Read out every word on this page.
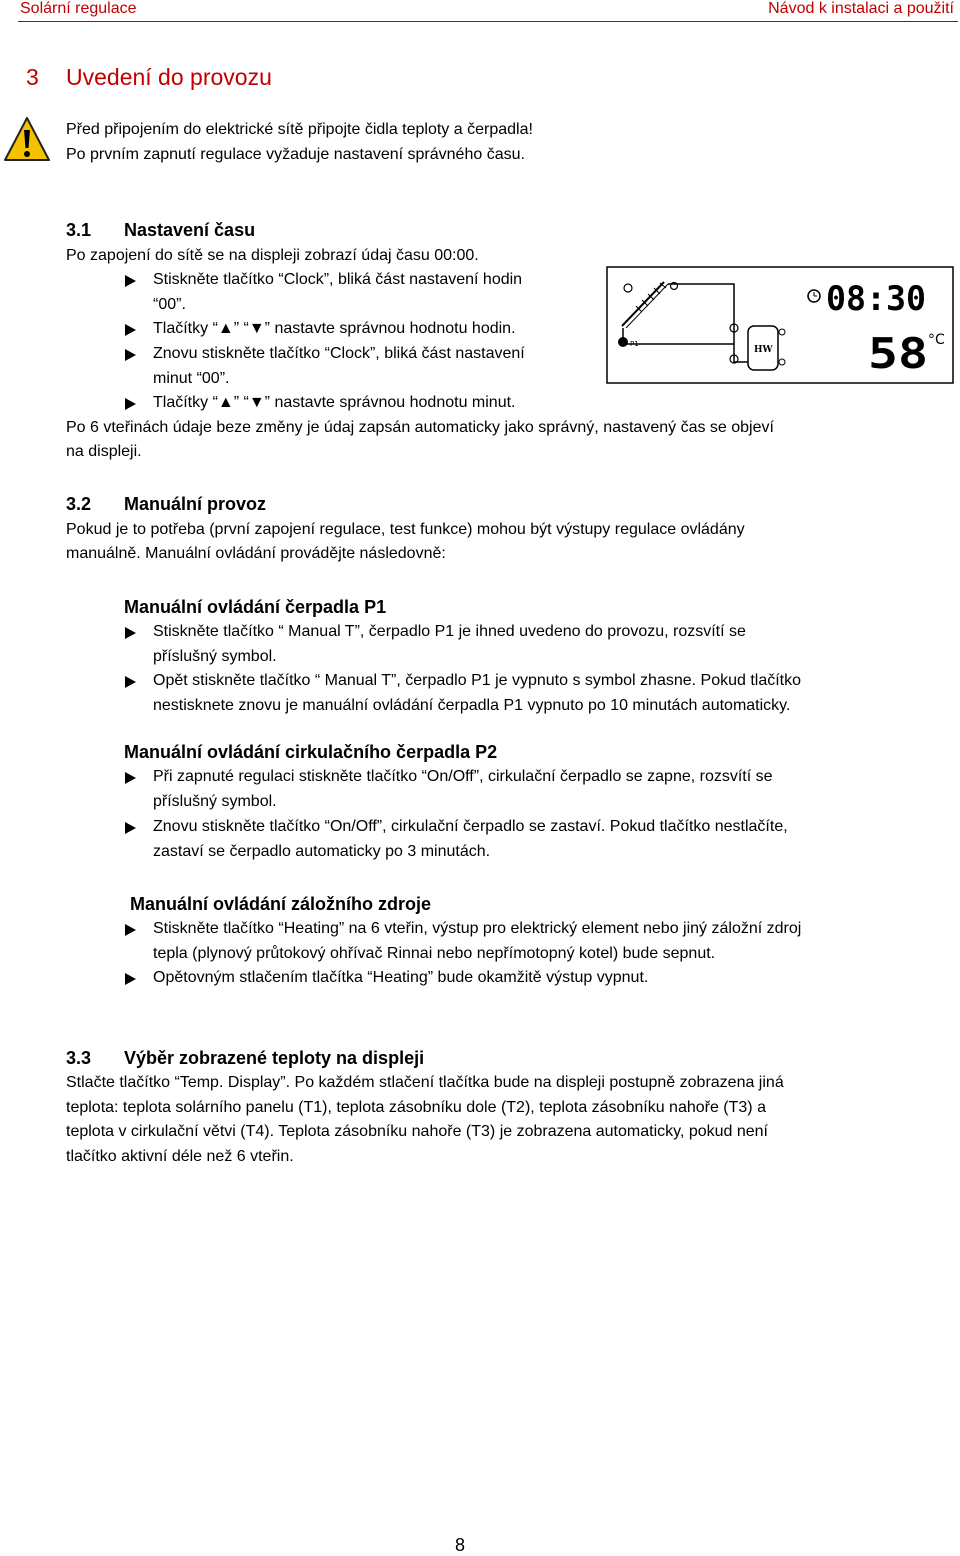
Solární regulace	Návod k instalaci a použití
3 Uvedení do provozu
Před připojením do elektrické sítě připojte čidla teploty a čerpadla!
Po prvním zapnutí regulace vyžaduje nastavení správného času.
3.1 Nastavení času
Po zapojení do sítě se na displeji zobrazí údaj času 00:00.
Stiskněte tlačítko “Clock”, bliká část nastavení hodin
“00”.
Tlačítky “▲” “▼” nastavte správnou hodnotu hodin.
Znovu stiskněte tlačítko “Clock”, bliká část nastavení
minut “00”.
Tlačítky “▲” “▼” nastavte správnou hodnotu minut.
P1
HW
08:30
58 °C
Po 6 vteřinách údaje beze změny je údaj zapsán automaticky jako správný, nastavený čas se objeví
na displeji.
3.2 Manuální provoz
Pokud je to potřeba (první zapojení regulace, test funkce) mohou být výstupy regulace ovládány
manuálně. Manuální ovládání provádějte následovně:
Manuální ovládání čerpadla P1
Stiskněte tlačítko “ Manual T”, čerpadlo P1 je ihned uvedeno do provozu, rozsvítí se
příslušný symbol.
Opět stiskněte tlačítko “ Manual T”, čerpadlo P1 je vypnuto s symbol zhasne. Pokud tlačítko
nestisknete znovu je manuální ovládání čerpadla P1 vypnuto po 10 minutách automaticky.
Manuální ovládání cirkulačního čerpadla P2
Při zapnuté regulaci stiskněte tlačítko “On/Off”, cirkulační čerpadlo se zapne, rozsvítí se
příslušný symbol.
Znovu stiskněte tlačítko “On/Off”, cirkulační čerpadlo se zastaví. Pokud tlačítko nestlačíte,
zastaví se čerpadlo automaticky po 3 minutách.
Manuální ovládání záložního zdroje
Stiskněte tlačítko “Heating” na 6 vteřin, výstup pro elektrický element nebo jiný záložní zdroj
tepla (plynový průtokový ohřívač Rinnai nebo nepřímotopný kotel) bude sepnut.
Opětovným stlačením tlačítka “Heating” bude okamžitě výstup vypnut.
3.3 Výběr zobrazené teploty na displeji
Stlačte tlačítko “Temp. Display”. Po každém stlačení tlačítka bude na displeji postupně zobrazena jiná
teplota: teplota solárního panelu (T1), teplota zásobníku dole (T2), teplota zásobníku nahoře (T3) a
teplota v cirkulační větvi (T4). Teplota zásobníku nahoře (T3) je zobrazena automaticky, pokud není
tlačítko aktivní déle než 6 vteřin.
8
